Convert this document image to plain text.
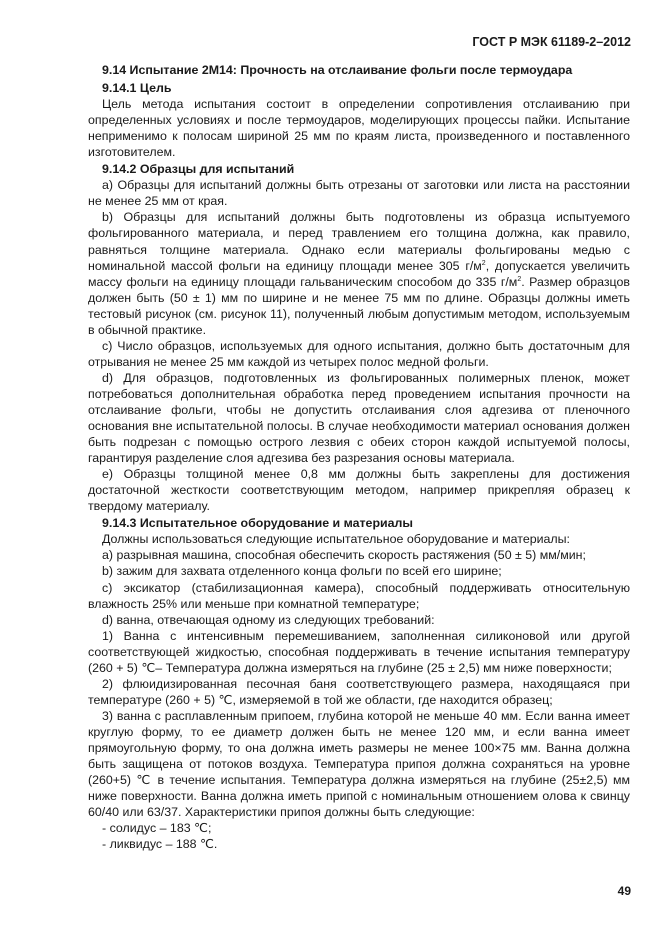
ГОСТ Р МЭК 61189-2–2012
9.14 Испытание 2М14: Прочность на отслаивание фольги после термоудара
9.14.1 Цель

Цель метода испытания состоит в определении сопротивления отслаиванию при определенных условиях и после термоударов, моделирующих процессы пайки. Испытание неприменимо к полосам шириной 25 мм по краям листа, произведенного и поставленного изготовителем.

9.14.2 Образцы для испытаний

a) Образцы для испытаний должны быть отрезаны от заготовки или листа на расстоянии не менее 25 мм от края.

b) Образцы для испытаний должны быть подготовлены из образца испытуемого фольгированного материала, и перед травлением его толщина должна, как правило, равняться толщине материала. Однако если материалы фольгированы медью с номинальной массой фольги на единицу площади менее 305 $г/м^2$, допускается увеличить массу фольги на единицу площади гальваническим способом до 335 $г/м^2$. Размер образцов должен быть (50 ± 1) мм по ширине и не менее 75 мм по длине. Образцы должны иметь тестовый рисунок (см. рисунок 11), полученный любым допустимым методом, используемым в обычной практике.

c) Число образцов, используемых для одного испытания, должно быть достаточным для отрывания не менее 25 мм каждой из четырех полос медной фольги.

d) Для образцов, подготовленных из фольгированных полимерных пленок, может потребоваться дополнительная обработка перед проведением испытания прочности на отслаивание фольги, чтобы не допустить отслаивания слоя адгезива от пленочного основания вне испытательной полосы. В случае необходимости материал основания должен быть подрезан с помощью острого лезвия с обеих сторон каждой испытуемой полосы, гарантируя разделение слоя адгезива без разрезания основы материала.

e) Образцы толщиной менее 0,8 мм должны быть закреплены для достижения достаточной жесткости соответствующим методом, например прикрепляя образец к твердому материалу.

9.14.3 Испытательное оборудование и материалы

Должны использоваться следующие испытательное оборудование и материалы:

a) разрывная машина, способная обеспечить скорость растяжения (50 ± 5) мм/мин;

b) зажим для захвата отделенного конца фольги по всей его ширине;

c) эксикатор (стабилизационная камера), способный поддерживать относительную влажность 25% или меньше при комнатной температуре;

d) ванна, отвечающая одному из следующих требований:

1) Ванна с интенсивным перемешиванием, заполненная силиконовой или другой соответствующей жидкостью, способная поддерживать в течение испытания температуру (260 + 5) ℃– Температура должна измеряться на глубине (25 ± 2,5) мм ниже поверхности;

2) флюидизированная песочная баня соответствующего размера, находящаяся при температуре (260 + 5) ℃, измеряемой в той же области, где находится образец;

3) ванна с расплавленным припоем, глубина которой не меньше 40 мм. Если ванна имеет круглую форму, то ее диаметр должен быть не менее 120 мм, и если ванна имеет прямоугольную форму, то она должна иметь размеры не менее 100×75 мм. Ванна должна быть защищена от потоков воздуха. Температура припоя должна сохраняться на уровне (260+5) ℃ в течение испытания. Температура должна измеряться на глубине (25±2,5) мм ниже поверхности. Ванна должна иметь припой с номинальным отношением олова к свинцу 60/40 или 63/37. Характеристики припоя должны быть следующие:

- солидус – 183 ℃;

- ликвидус – 188 ℃.

49
